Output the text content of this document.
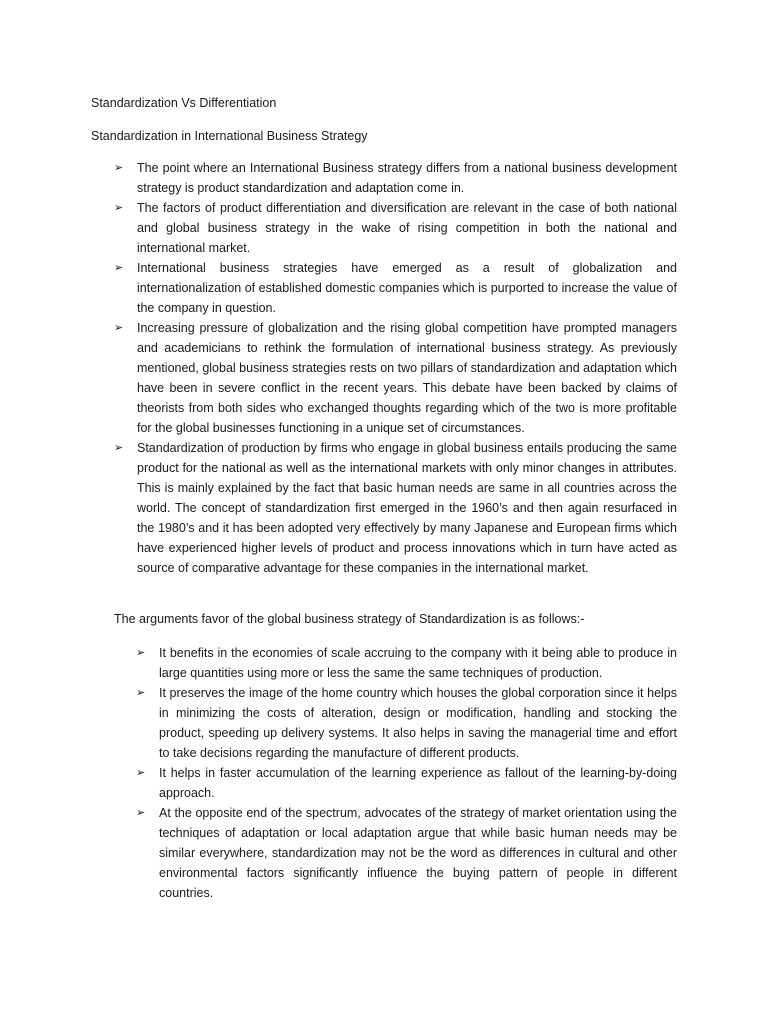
Standardization Vs Differentiation
Standardization in International Business Strategy
➢	The point where an International Business strategy differs from a national business development strategy is product standardization and adaptation come in.
➢	The factors of product differentiation and diversification are relevant in the case of both national and global business strategy in the wake of rising competition in both the national and international market.
➢	International business strategies have emerged as a result of globalization and internationalization of established domestic companies which is purported to increase the value of the company in question.
➢	Increasing pressure of globalization and the rising global competition have prompted managers and academicians to rethink the formulation of international business strategy. As previously mentioned, global business strategies rests on two pillars of standardization and adaptation which have been in severe conflict in the recent years. This debate have been backed by claims of theorists from both sides who exchanged thoughts regarding which of the two is more profitable for the global businesses functioning in a unique set of circumstances.
➢	Standardization of production by firms who engage in global business entails producing the same product for the national as well as the international markets with only minor changes in attributes. This is mainly explained by the fact that basic human needs are same in all countries across the world. The concept of standardization first emerged in the 1960’s and then again resurfaced in the 1980’s and it has been adopted very effectively by many Japanese and European firms which have experienced higher levels of product and process innovations which in turn have acted as source of comparative advantage for these companies in the international market.
The arguments favor of the global business strategy of Standardization is as follows:-
➢	It benefits in the economies of scale accruing to the company with it being able to produce in large quantities using more or less the same the same techniques of production.
➢	It preserves the image of the home country which houses the global corporation since it helps in minimizing the costs of alteration, design or modification, handling and stocking the product, speeding up delivery systems. It also helps in saving the managerial time and effort to take decisions regarding the manufacture of different products.
➢	It helps in faster accumulation of the learning experience as fallout of the learning-by-doing approach.
➢	At the opposite end of the spectrum, advocates of the strategy of market orientation using the techniques of adaptation or local adaptation argue that while basic human needs may be similar everywhere, standardization may not be the word as differences in cultural and other environmental factors significantly influence the buying pattern of people in different countries.
